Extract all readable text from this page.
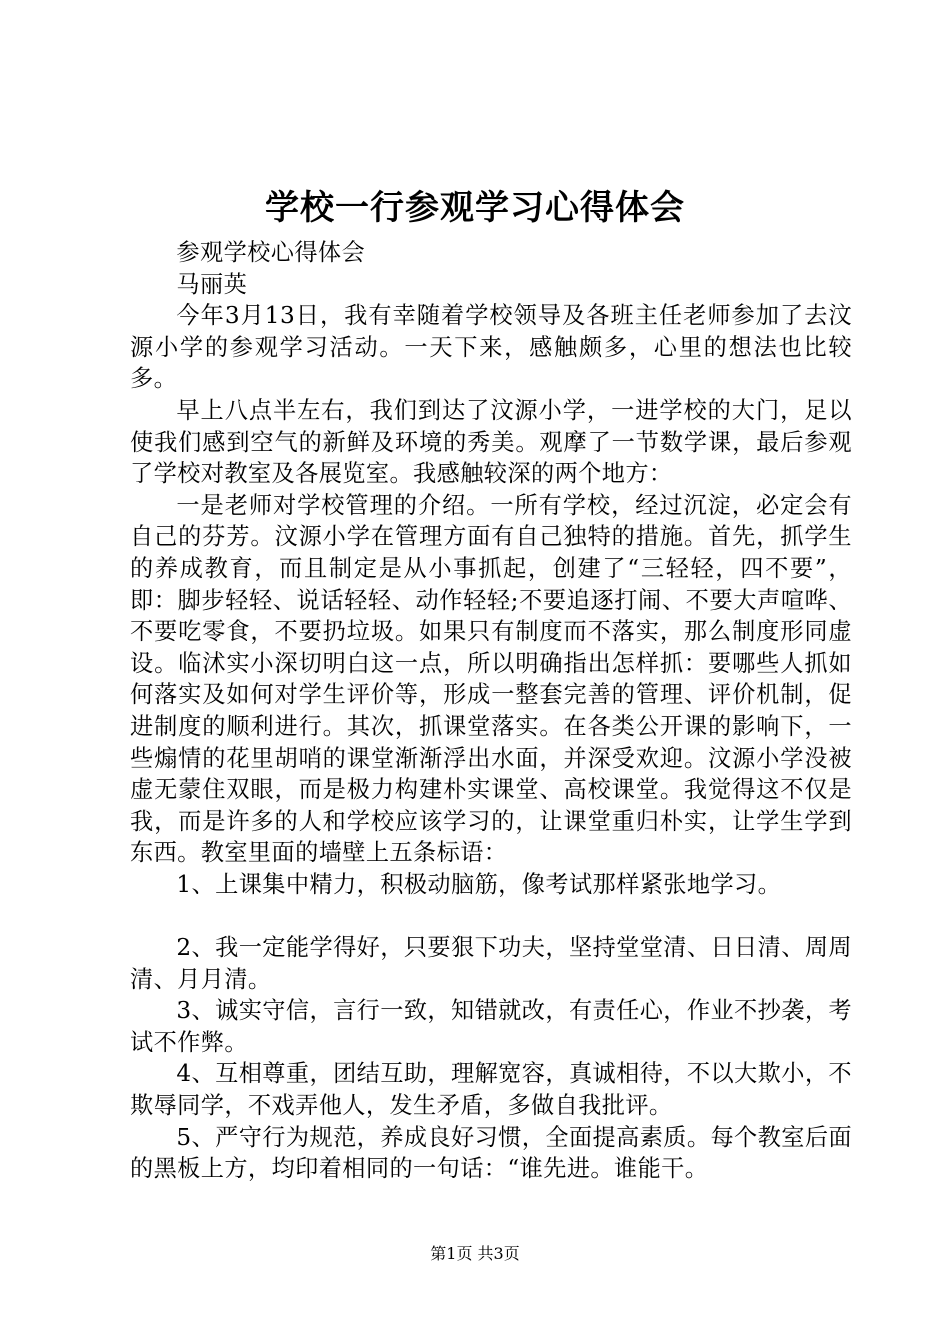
学校一行参观学习心得体会

参观学校心得体会

马丽英

今年3月13日，我有幸随着学校领导及各班主任老师参加了去汶源小学的参观学习活动。一天下来，感触颇多，心里的想法也比较多。

早上八点半左右，我们到达了汶源小学，一进学校的大门，足以使我们感到空气的新鲜及环境的秀美。观摩了一节数学课，最后参观了学校对教室及各展览室。我感触较深的两个地方：

一是老师对学校管理的介绍。一所有学校，经过沉淀，必定会有自己的芬芳。汶源小学在管理方面有自己独特的措施。首先，抓学生的养成教育，而且制定是从小事抓起，创建了“三轻轻，四不要”，即：脚步轻轻、说话轻轻、动作轻轻;不要追逐打闹、不要大声喧哗、不要吃零食，不要扔垃圾。如果只有制度而不落实，那么制度形同虚设。临沭实小深切明白这一点，所以明确指出怎样抓：要哪些人抓如何落实及如何对学生评价等，形成一整套完善的管理、评价机制，促进制度的顺利进行。其次，抓课堂落实。在各类公开课的影响下，一些煽情的花里胡哨的课堂渐渐浮出水面，并深受欢迎。汶源小学没被虚无蒙住双眼，而是极力构建朴实课堂、高校课堂。我觉得这不仅是我，而是许多的人和学校应该学习的，让课堂重归朴实，让学生学到东西。教室里面的墙壁上五条标语：

1、上课集中精力，积极动脑筋，像考试那样紧张地学习。

2、我一定能学得好，只要狠下功夫，坚持堂堂清、日日清、周周清、月月清。

3、诚实守信，言行一致，知错就改，有责任心，作业不抄袭，考试不作弊。

4、互相尊重，团结互助，理解宽容，真诚相待，不以大欺小，不欺辱同学，不戏弄他人，发生矛盾，多做自我批评。

5、严守行为规范，养成良好习惯，全面提高素质。每个教室后面的黑板上方，均印着相同的一句话：“谁先进。谁能干。

第1页 共3页
